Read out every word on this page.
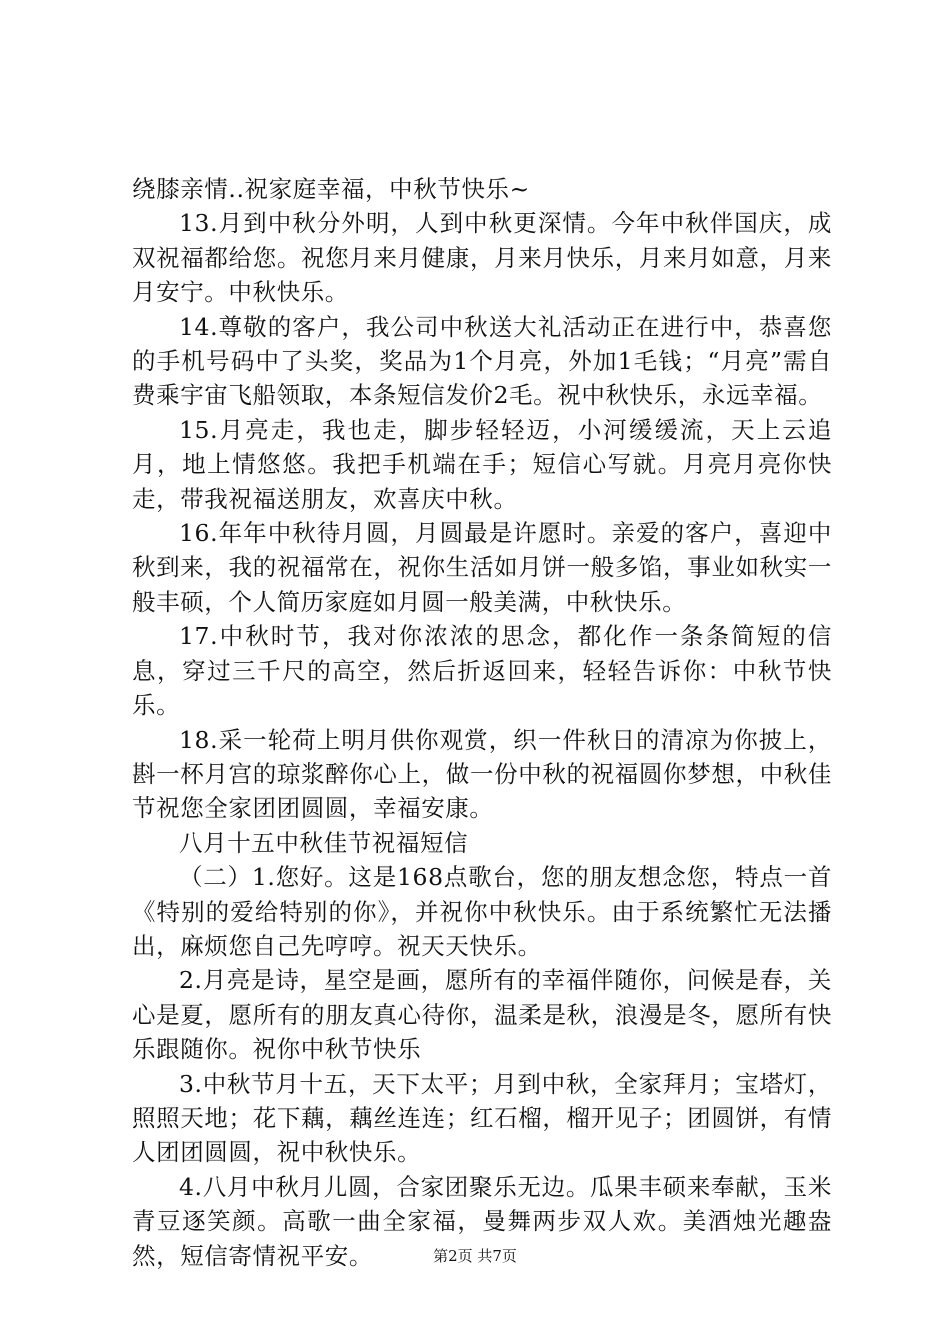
绕膝亲情..祝家庭幸福，中秋节快乐~

13.月到中秋分外明，人到中秋更深情。今年中秋伴国庆，成双祝福都给您。祝您月来月健康，月来月快乐，月来月如意，月来月安宁。中秋快乐。

14.尊敬的客户，我公司中秋送大礼活动正在进行中，恭喜您的手机号码中了头奖，奖品为1个月亮，外加1毛钱；“月亮”需自费乘宇宙飞船领取，本条短信发价2毛。祝中秋快乐，永远幸福。

15.月亮走，我也走，脚步轻轻迈，小河缓缓流，天上云追月，地上情悠悠。我把手机端在手；短信心写就。月亮月亮你快走，带我祝福送朋友，欢喜庆中秋。

16.年年中秋待月圆，月圆最是许愿时。亲爱的客户，喜迎中秋到来，我的祝福常在，祝你生活如月饼一般多馅，事业如秋实一般丰硕，个人简历家庭如月圆一般美满，中秋快乐。

17.中秋时节，我对你浓浓的思念，都化作一条条简短的信息，穿过三千尺的高空，然后折返回来，轻轻告诉你：中秋节快乐。

18.采一轮荷上明月供你观赏，织一件秋日的清凉为你披上，斟一杯月宫的琼浆醉你心上，做一份中秋的祝福圆你梦想，中秋佳节祝您全家团团圆圆，幸福安康。

八月十五中秋佳节祝福短信

（二）1.您好。这是168点歌台，您的朋友想念您，特点一首《特别的爱给特别的你》，并祝你中秋快乐。由于系统繁忙无法播出，麻烦您自己先哼哼。祝天天快乐。

2.月亮是诗，星空是画，愿所有的幸福伴随你，问候是春，关心是夏，愿所有的朋友真心待你，温柔是秋，浪漫是冬，愿所有快乐跟随你。祝你中秋节快乐

3.中秋节月十五，天下太平；月到中秋，全家拜月；宝塔灯，照照天地；花下藕，藕丝连连；红石榴，榴开见子；团圆饼，有情人团团圆圆，祝中秋快乐。

4.八月中秋月儿圆，合家团聚乐无边。瓜果丰硕来奉献，玉米青豆逐笑颜。高歌一曲全家福，曼舞两步双人欢。美酒烛光趣盎然，短信寄情祝平安。	第2页 共7页
